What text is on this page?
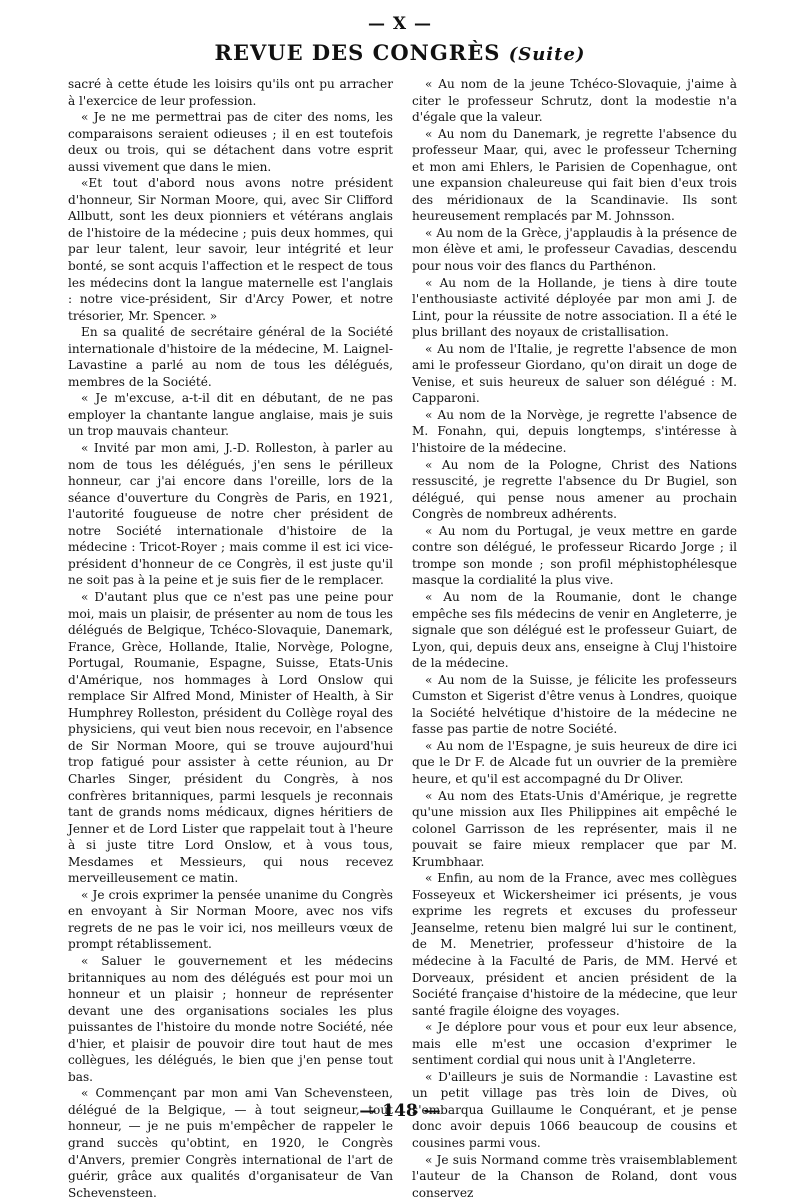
— X —
REVUE DES CONGRÈS (Suite)

sacré à cette étude les loisirs qu'ils ont pu arracher à l'exercice de leur profession.

« Je ne me permettrai pas de citer des noms, les comparaisons seraient odieuses ; il en est toutefois deux ou trois, qui se détachent dans votre esprit aussi vivement que dans le mien.

«Et tout d'abord nous avons notre président d'honneur, Sir Norman Moore, qui, avec Sir Clifford Allbutt, sont les deux pionniers et vétérans anglais de l'histoire de la médecine ; puis deux hommes, qui par leur talent, leur savoir, leur intégrité et leur bonté, se sont acquis l'affection et le respect de tous les médecins dont la langue maternelle est l'anglais : notre vice-président, Sir d'Arcy Power, et notre trésorier, Mr. Spencer. »

En sa qualité de secrétaire général de la Société internationale d'histoire de la médecine, M. Laignel-Lavastine a parlé au nom de tous les délégués, membres de la Société.

« Je m'excuse, a-t-il dit en débutant, de ne pas employer la chantante langue anglaise, mais je suis un trop mauvais chanteur.

« Invité par mon ami, J.-D. Rolleston, à parler au nom de tous les délégués, j'en sens le périlleux honneur, car j'ai encore dans l'oreille, lors de la séance d'ouverture du Congrès de Paris, en 1921, l'autorité fougueuse de notre cher président de notre Société internationale d'histoire de la médecine : Tricot-Royer ; mais comme il est ici vice-président d'honneur de ce Congrès, il est juste qu'il ne soit pas à la peine et je suis fier de le remplacer.

« D'autant plus que ce n'est pas une peine pour moi, mais un plaisir, de présenter au nom de tous les délégués de Belgique, Tchéco-Slovaquie, Danemark, France, Grèce, Hollande, Italie, Norvège, Pologne, Portugal, Roumanie, Espagne, Suisse, Etats-Unis d'Amérique, nos hommages à Lord Onslow qui remplace Sir Alfred Mond, Minister of Health, à Sir Humphrey Rolleston, président du Collège royal des physiciens, qui veut bien nous recevoir, en l'absence de Sir Norman Moore, qui se trouve aujourd'hui trop fatigué pour assister à cette réunion, au Dr Charles Singer, président du Congrès, à nos confrères britanniques, parmi lesquels je reconnais tant de grands noms médicaux, dignes héritiers de Jenner et de Lord Lister que rappelait tout à l'heure à si juste titre Lord Onslow, et à vous tous, Mesdames et Messieurs, qui nous recevez merveilleusement ce matin.

« Je crois exprimer la pensée unanime du Congrès en envoyant à Sir Norman Moore, avec nos vifs regrets de ne pas le voir ici, nos meilleurs vœux de prompt rétablissement.

« Saluer le gouvernement et les médecins britanniques au nom des délégués est pour moi un honneur et un plaisir ; honneur de représenter devant une des organisations sociales les plus puissantes de l'histoire du monde notre Société, née d'hier, et plaisir de pouvoir dire tout haut de mes collègues, les délégués, le bien que j'en pense tout bas.

« Commençant par mon ami Van Schevensteen, délégué de la Belgique, — à tout seigneur, tout honneur, — je ne puis m'empêcher de rappeler le grand succès qu'obtint, en 1920, le Congrès d'Anvers, premier Congrès international de l'art de guérir, grâce aux qualités d'organisateur de Van Schevensteen.

« Au nom de la jeune Tchéco-Slovaquie, j'aime à citer le professeur Schrutz, dont la modestie n'a d'égale que la valeur.

« Au nom du Danemark, je regrette l'absence du professeur Maar, qui, avec le professeur Tcherning et mon ami Ehlers, le Parisien de Copenhague, ont une expansion chaleureuse qui fait bien d'eux trois des méridionaux de la Scandinavie. Ils sont heureusement remplacés par M. Johnsson.

« Au nom de la Grèce, j'applaudis à la présence de mon élève et ami, le professeur Cavadias, descendu pour nous voir des flancs du Parthénon.

« Au nom de la Hollande, je tiens à dire toute l'enthousiaste activité déployée par mon ami J. de Lint, pour la réussite de notre association. Il a été le plus brillant des noyaux de cristallisation.

« Au nom de l'Italie, je regrette l'absence de mon ami le professeur Giordano, qu'on dirait un doge de Venise, et suis heureux de saluer son délégué : M. Capparoni.

« Au nom de la Norvège, je regrette l'absence de M. Fonahn, qui, depuis longtemps, s'intéresse à l'histoire de la médecine.

« Au nom de la Pologne, Christ des Nations ressuscité, je regrette l'absence du Dr Bugiel, son délégué, qui pense nous amener au prochain Congrès de nombreux adhérents.

« Au nom du Portugal, je veux mettre en garde contre son délégué, le professeur Ricardo Jorge ; il trompe son monde ; son profil méphistophélesque masque la cordialité la plus vive.

« Au nom de la Roumanie, dont le change empêche ses fils médecins de venir en Angleterre, je signale que son délégué est le professeur Guiart, de Lyon, qui, depuis deux ans, enseigne à Cluj l'histoire de la médecine.

« Au nom de la Suisse, je félicite les professeurs Cumston et Sigerist d'être venus à Londres, quoique la Société helvétique d'histoire de la médecine ne fasse pas partie de notre Société.

« Au nom de l'Espagne, je suis heureux de dire ici que le Dr F. de Alcade fut un ouvrier de la première heure, et qu'il est accompagné du Dr Oliver.

« Au nom des Etats-Unis d'Amérique, je regrette qu'une mission aux Iles Philippines ait empêché le colonel Garrisson de les représenter, mais il ne pouvait se faire mieux remplacer que par M. Krumbhaar.

« Enfin, au nom de la France, avec mes collègues Fosseyeux et Wickersheimer ici présents, je vous exprime les regrets et excuses du professeur Jeanselme, retenu bien malgré lui sur le continent, de M. Menetrier, professeur d'histoire de la médecine à la Faculté de Paris, de MM. Hervé et Dorveaux, président et ancien président de la Société française d'histoire de la médecine, que leur santé fragile éloigne des voyages.

« Je déplore pour vous et pour eux leur absence, mais elle m'est une occasion d'exprimer le sentiment cordial qui nous unit à l'Angleterre.

« D'ailleurs je suis de Normandie : Lavastine est un petit village pas très loin de Dives, où s'embarqua Guillaume le Conquérant, et je pense donc avoir depuis 1066 beaucoup de cousins et cousines parmi vous.

« Je suis Normand comme très vraisemblablement l'auteur de la Chanson de Roland, dont vous conservez

— 148 —
